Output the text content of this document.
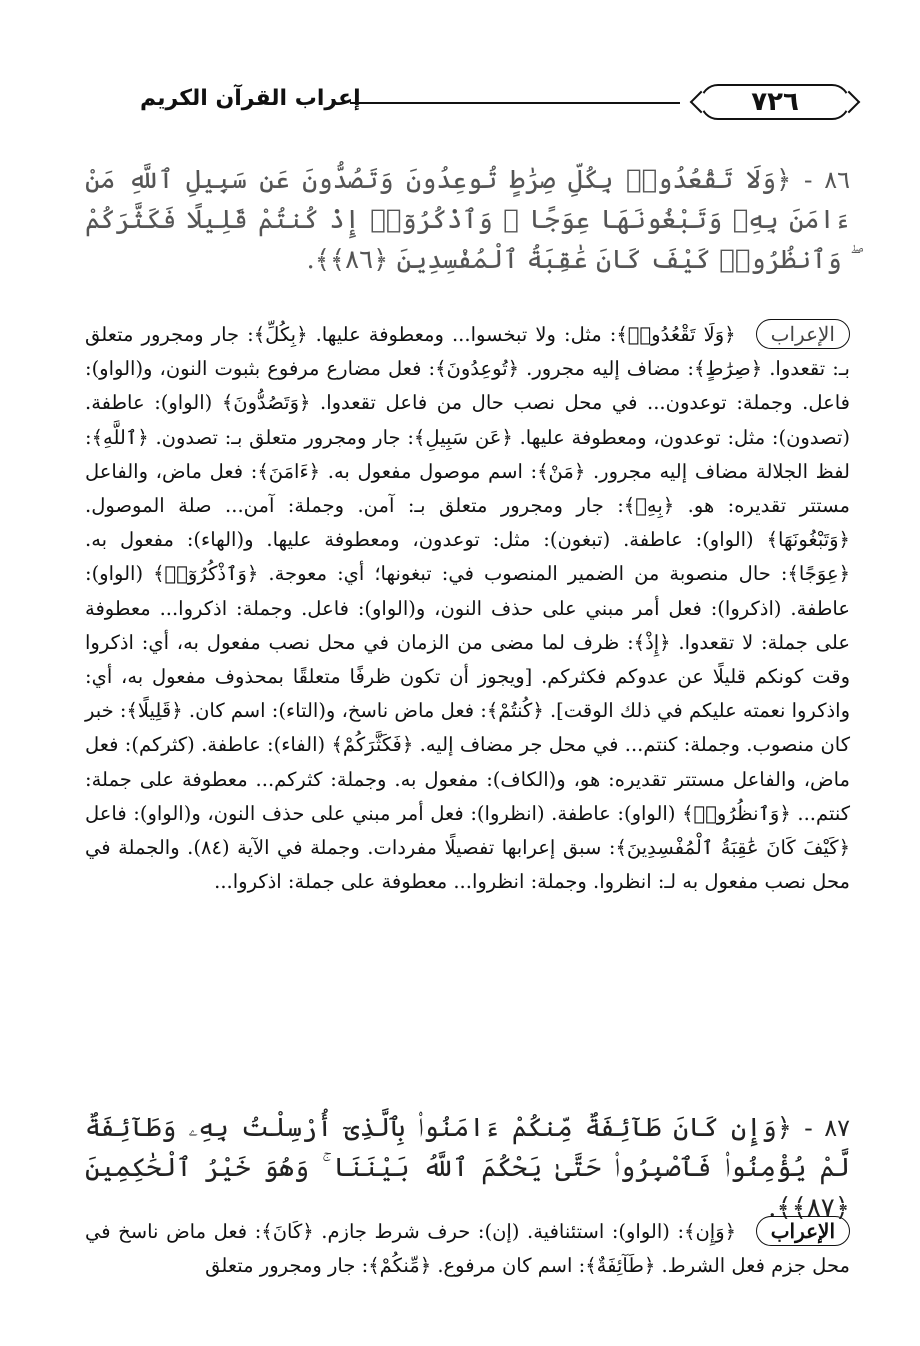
٧٢٦
إعراب القرآن الكريم
٨٦ - ﴿وَلَا تَقْعُدُوا۟ بِكُلِّ صِرَٰطٍ تُوعِدُونَ وَتَصُدُّونَ عَن سَبِيلِ ٱللَّهِ مَنْ ءَامَنَ بِهِۦ وَتَبْغُونَهَا عِوَجًا ۚ وَٱذْكُرُوٓا۟ إِذْ كُنتُمْ قَلِيلًا فَكَثَّرَكُمْ ۖ وَٱنظُرُوا۟ كَيْفَ كَانَ عَٰقِبَةُ ٱلْمُفْسِدِينَ ﴿٨٦﴾﴾.
الإعراب ﴿وَلَا تَقْعُدُوا۟﴾: مثل: ولا تبخسوا... ومعطوفة عليها. ﴿بِكُلِّ﴾: جار ومجرور متعلق بـ: تقعدوا. ﴿صِرَٰطٍ﴾: مضاف إليه مجرور. ﴿تُوعِدُونَ﴾: فعل مضارع مرفوع بثبوت النون، و(الواو): فاعل. وجملة: توعدون... في محل نصب حال من فاعل تقعدوا. ﴿وَتَصُدُّونَ﴾ (الواو): عاطفة. (تصدون): مثل: توعدون، ومعطوفة عليها. ﴿عَن سَبِيلِ﴾: جار ومجرور متعلق بـ: تصدون. ﴿ٱللَّهِ﴾: لفظ الجلالة مضاف إليه مجرور. ﴿مَنْ﴾: اسم موصول مفعول به. ﴿ءَامَنَ﴾: فعل ماض، والفاعل مستتر تقديره: هو. ﴿بِهِۦ﴾: جار ومجرور متعلق بـ: آمن. وجملة: آمن... صلة الموصول. ﴿وَتَبْغُونَهَا﴾ (الواو): عاطفة. (تبغون): مثل: توعدون، ومعطوفة عليها. و(الهاء): مفعول به. ﴿عِوَجًا﴾: حال منصوبة من الضمير المنصوب في: تبغونها؛ أي: معوجة. ﴿وَٱذْكُرُوٓا۟﴾ (الواو): عاطفة. (اذكروا): فعل أمر مبني على حذف النون، و(الواو): فاعل. وجملة: اذكروا... معطوفة على جملة: لا تقعدوا. ﴿إِذْ﴾: ظرف لما مضى من الزمان في محل نصب مفعول به، أي: اذكروا وقت كونكم قليلًا عن عدوكم فكثركم. [ويجوز أن تكون ظرفًا متعلقًا بمحذوف مفعول به، أي: واذكروا نعمته عليكم في ذلك الوقت]. ﴿كُنتُمْ﴾: فعل ماض ناسخ، و(التاء): اسم كان. ﴿قَلِيلًا﴾: خبر كان منصوب. وجملة: كنتم... في محل جر مضاف إليه. ﴿فَكَثَّرَكُمْ﴾ (الفاء): عاطفة. (كثركم): فعل ماض، والفاعل مستتر تقديره: هو، و(الكاف): مفعول به. وجملة: كثركم... معطوفة على جملة: كنتم... ﴿وَٱنظُرُوا۟﴾ (الواو): عاطفة. (انظروا): فعل أمر مبني على حذف النون، و(الواو): فاعل ﴿كَيْفَ كَانَ عَٰقِبَةُ ٱلْمُفْسِدِينَ﴾: سبق إعرابها تفصيلًا مفردات. وجملة في الآية (٨٤). والجملة في محل نصب مفعول به لـ: انظروا. وجملة: انظروا... معطوفة على جملة: اذكروا...
٨٧ - ﴿وَإِن كَانَ طَآئِفَةٌ مِّنكُمْ ءَامَنُوا۟ بِٱلَّذِىٓ أُرْسِلْتُ بِهِۦ وَطَآئِفَةٌ لَّمْ يُؤْمِنُوا۟ فَٱصْبِرُوا۟ حَتَّىٰ يَحْكُمَ ٱللَّهُ بَيْنَنَا ۚ وَهُوَ خَيْرُ ٱلْحَٰكِمِينَ ﴿٨٧﴾﴾.
الإعراب ﴿وَإِن﴾: (الواو): استئنافية. (إن): حرف شرط جازم. ﴿كَانَ﴾: فعل ماض ناسخ في محل جزم فعل الشرط. ﴿طَآئِفَةٌ﴾: اسم كان مرفوع. ﴿مِّنكُمْ﴾: جار ومجرور متعلق
